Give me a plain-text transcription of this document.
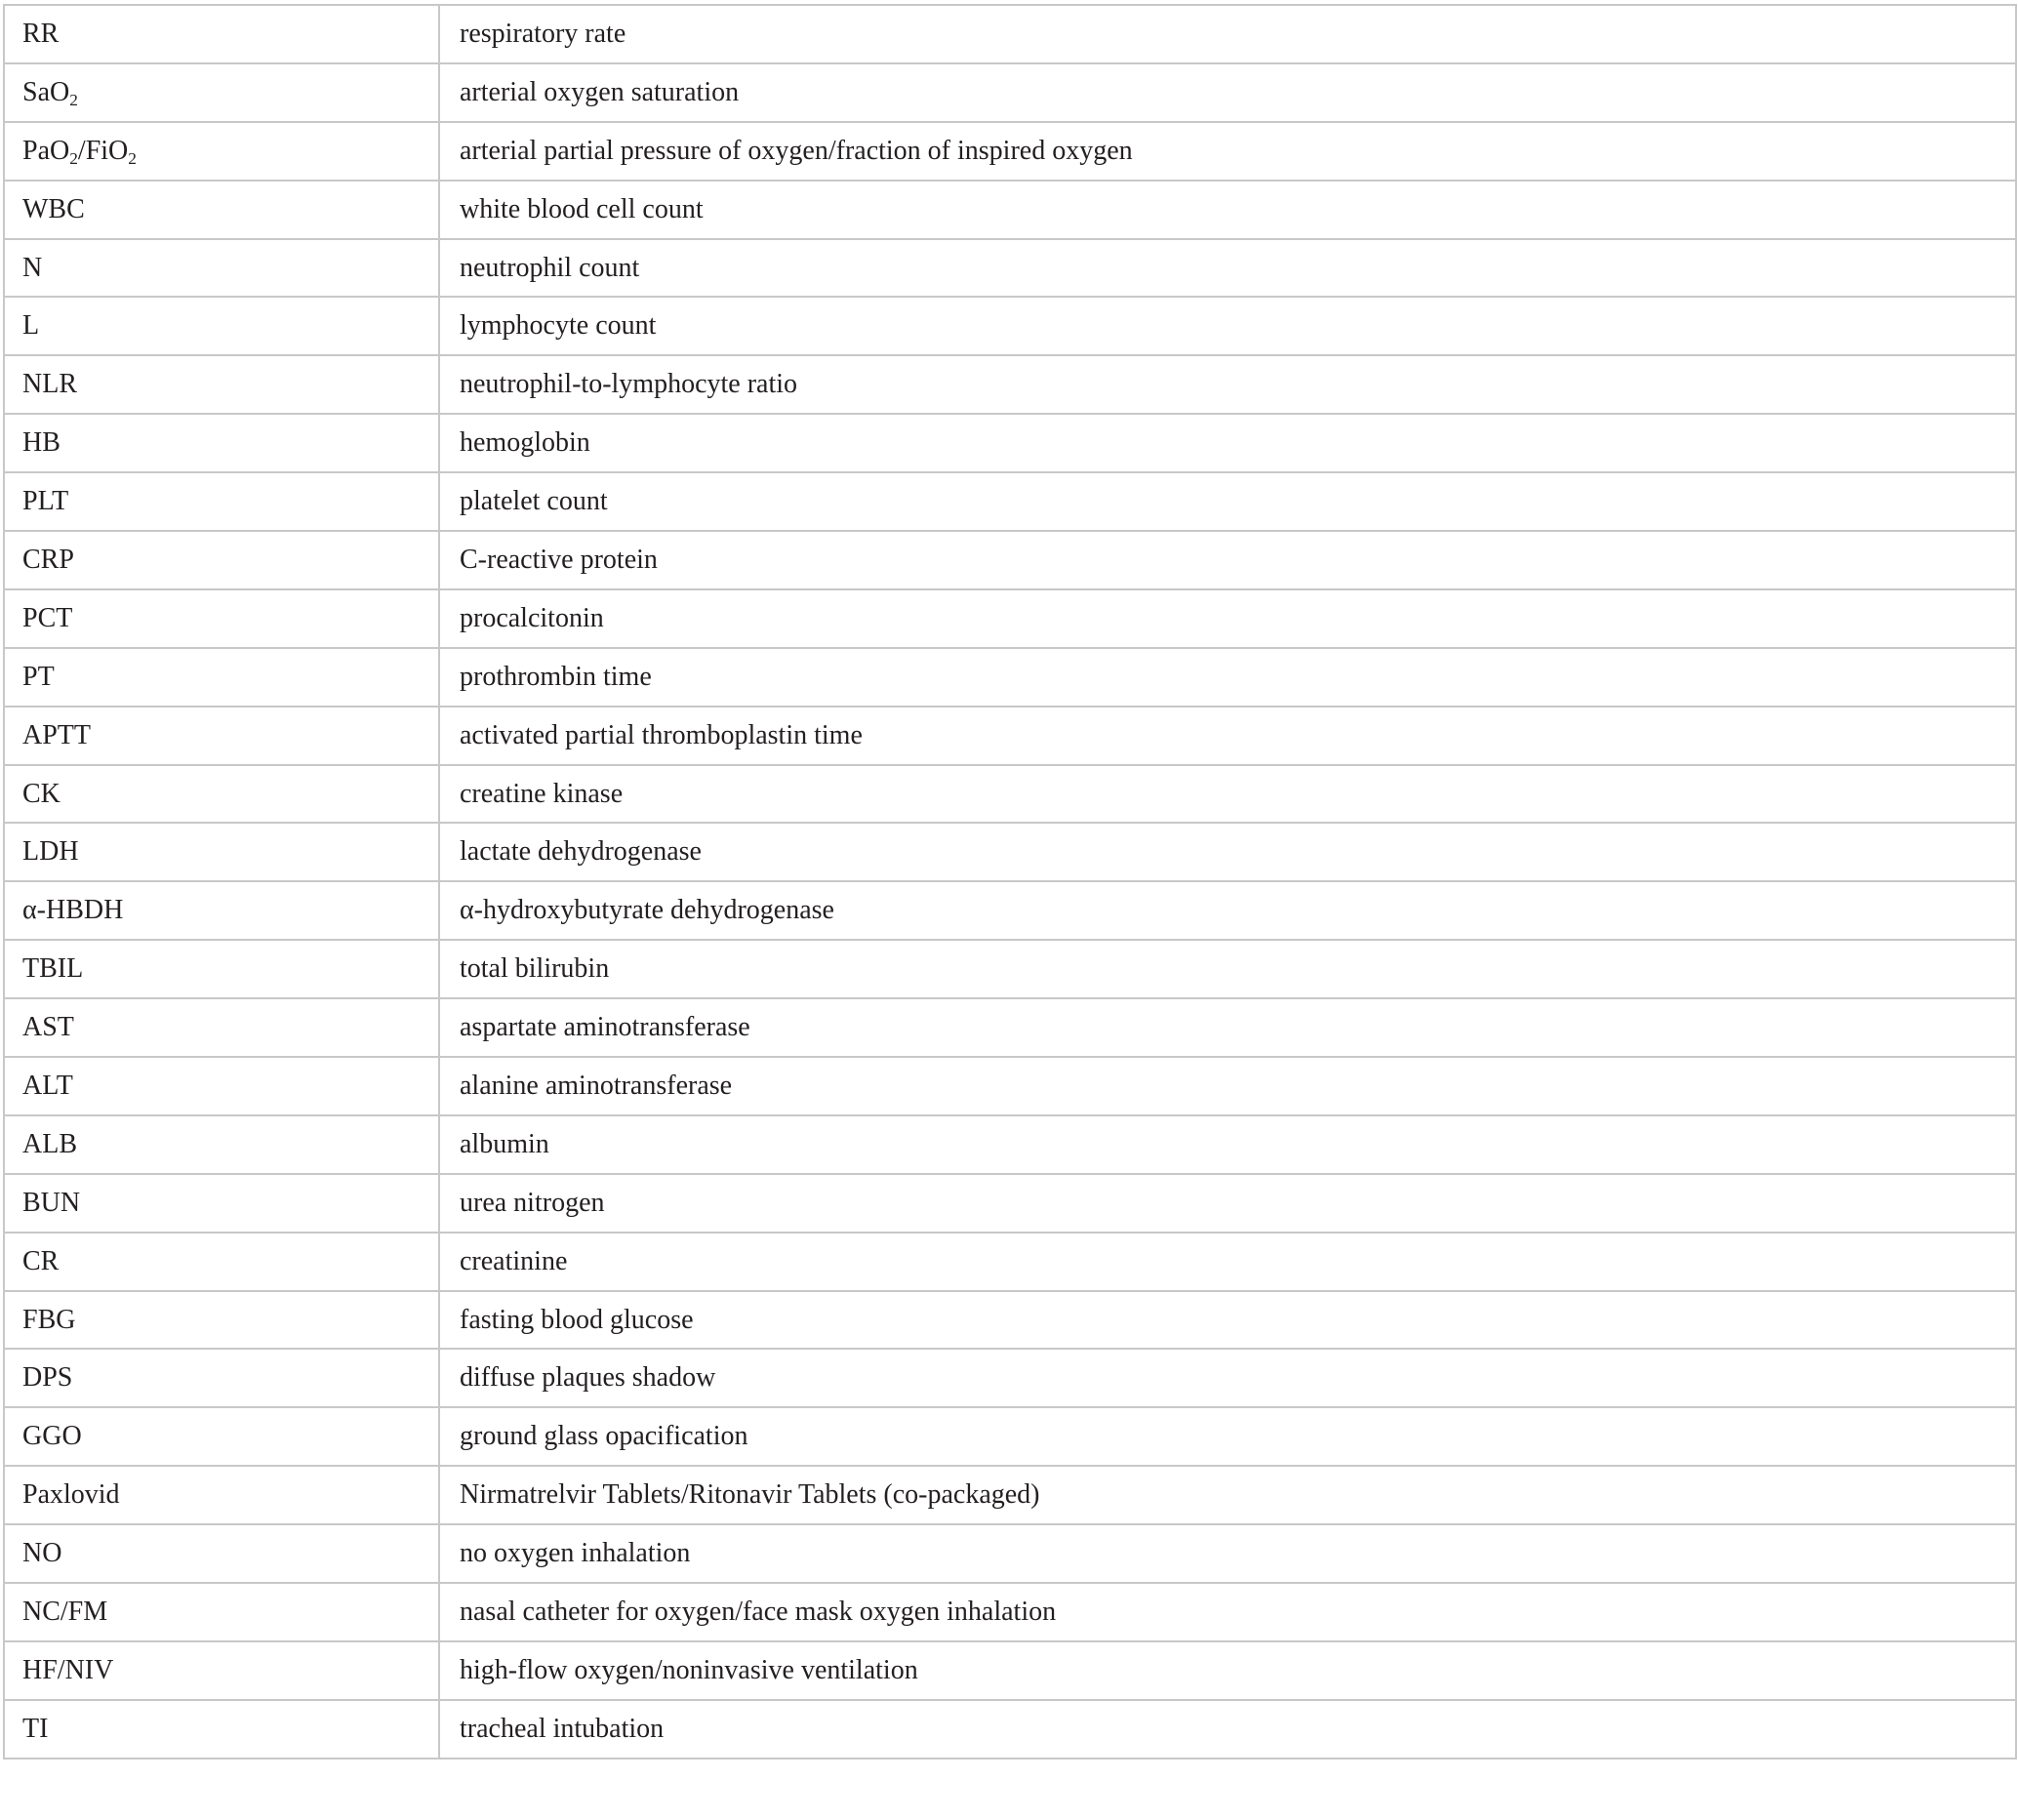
RR	respiratory rate
SaO$_2$	arterial oxygen saturation
PaO$_2$/FiO$_2$	arterial partial pressure of oxygen/fraction of inspired oxygen
WBC	white blood cell count
N	neutrophil count
L	lymphocyte count
NLR	neutrophil-to-lymphocyte ratio
HB	hemoglobin
PLT	platelet count
CRP	C-reactive protein
PCT	procalcitonin
PT	prothrombin time
APTT	activated partial thromboplastin time
CK	creatine kinase
LDH	lactate dehydrogenase
α-HBDH	α-hydroxybutyrate dehydrogenase
TBIL	total bilirubin
AST	aspartate aminotransferase
ALT	alanine aminotransferase
ALB	albumin
BUN	urea nitrogen
CR	creatinine
FBG	fasting blood glucose
DPS	diffuse plaques shadow
GGO	ground glass opacification
Paxlovid	Nirmatrelvir Tablets/Ritonavir Tablets (co-packaged)
NO	no oxygen inhalation
NC/FM	nasal catheter for oxygen/face mask oxygen inhalation
HF/NIV	high-flow oxygen/noninvasive ventilation
TI	tracheal intubation
